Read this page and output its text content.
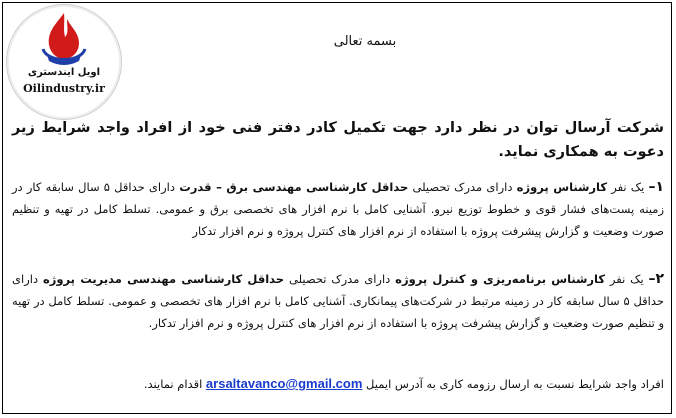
اویل ایندستری
Oilindustry.ir
بسمه تعالی
شرکت آرسال توان در نظر دارد جهت تکمیل کادر دفتر فنی خود از افراد واجد شرایط زیر دعوت به همکاری نماید.
۱– یک نفر کارشناس پروژه دارای مدرک تحصیلی حداقل کارشناسی مهندسی برق – قدرت دارای حداقل ۵ سال سابقه کار در زمینه پست‌های فشار قوی و خطوط توزیع نیرو. آشنایی کامل با نرم افزار های تخصصی برق و عمومی. تسلط کامل در تهیه و تنظیم صورت وضعیت و گزارش پیشرفت پروژه با استفاده از نرم افزار های کنترل پروژه و نرم افزار تدکار
۲– یک نفر کارشناس برنامه‌ریزی و کنترل پروژه دارای مدرک تحصیلی حداقل کارشناسی مهندسی مدیریت پروژه دارای حداقل ۵ سال سابقه کار در زمینه مرتبط در شرکت‌های پیمانکاری. آشنایی کامل با نرم افزار های تخصصی و عمومی. تسلط کامل در تهیه و تنظیم صورت وضعیت و گزارش پیشرفت پروژه با استفاده از نرم افزار های کنترل پروژه و نرم افزار تدکار.
افراد واجد شرایط نسبت به ارسال رزومه کاری به آدرس ایمیل arsaltavanco@gmail.com اقدام نمایند.
